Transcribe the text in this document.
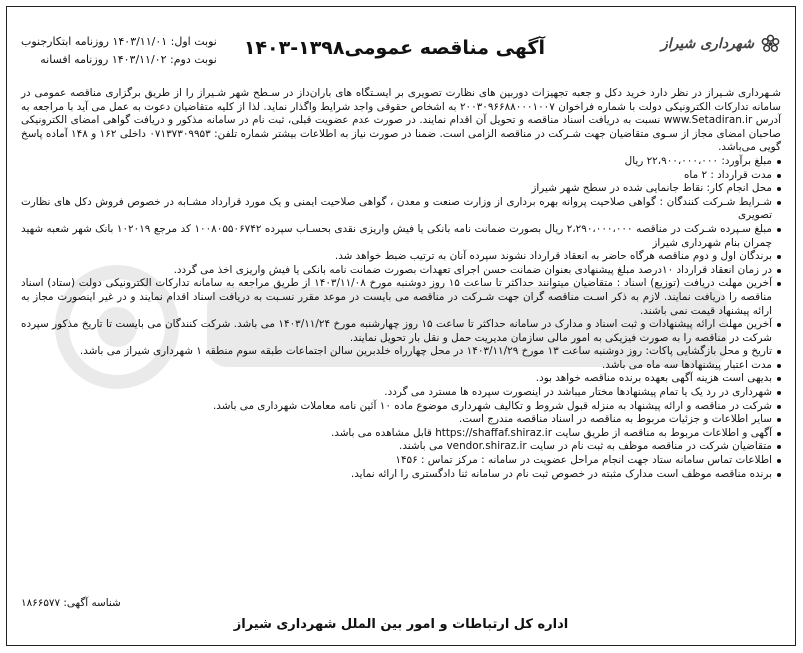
شهرداری شیراز
آگهی مناقصه عمومی۱۳۹۸-۱۴۰۳
نوبت اول: ۱۴۰۳/۱۱/۰۱ روزنامه ابتکارجنوب
نوبت دوم: ۱۴۰۳/۱۱/۰۲ روزنامه افسانه

شـهرداری شـیراز در نظر دارد خرید دکل و جعبه تجهیزات دوربین های نظارت تصویری بر ایسـتگاه های باران‌داز در سـطح شهر شـیراز را از طریق برگزاری مناقصه عمومی در سامانه تدارکات الکترونیکی دولت با شماره فراخوان ۲۰۰۳۰۹۶۶۸۸۰۰۰۱۰۰۷ به اشخاص حقوقی واجد شرایط واگذار نماید. لذا از کلیه متقاضیان دعوت به عمل می آید با مراجعه به آدرس www.Setadiran.ir نسبت به دریافت اسناد مناقصه و تحویل آن اقدام نمایند. در صورت عدم عضویت قبلی، ثبت نام در سامانه مذکور و دریافت گواهی امضای الکترونیکی صاحبان امضای مجاز از سـوی متقاضیان جهت شـرکت در مناقصه الزامی است. ضمنا در صورت نیاز به اطلاعات بیشتر شماره تلفن: ۰۷۱۳۷۳۰۹۹۵۳ داخلی ۱۶۲ و ۱۴۸ آماده پاسخ گویی می‌باشد.

مبلغ برآورد: ۲۲،۹۰۰،۰۰۰،۰۰۰ ریال
مدت قرارداد : ۲ ماه
محل انجام کار: نقاط جانمایی شده در سطح شهر شیراز
شـرایط شـرکت کنندگان : گواهی صلاحیت پروانه بهره برداری از وزارت صنعت و معدن ، گواهی صلاحیت ایمنی و یک مورد قرارداد مشـابه در خصوص فروش دکل های نظارت تصویری
مبلغ سـپرده شـرکت در مناقصه ۲،۲۹۰،۰۰۰،۰۰۰ ریال بصورت ضمانت نامه بانکی یا فیش واریزی نقدی بحسـاب سپرده ۱۰۰۸۰۵۵۰۶۷۴۲ کد مرجع ۱۰۲۰۱۹ بانک شهر شعبه شهید چمران بنام شهرداری شیراز
برندگان اول و دوم مناقصه هرگاه حاضر به انعقاد قرارداد نشوند سپرده آنان به ترتیب ضبط خواهد شد.
در زمان انعقاد قرارداد ۱۰درصد مبلغ پیشنهادی بعنوان ضمانت حسن اجرای تعهدات بصورت ضمانت نامه بانکی یا فیش واریزی اخذ می گردد.
آخرین مهلت دریافت (توزیع) اسناد : متقاضیان میتوانند حداکثر تا ساعت ۱۵ روز دوشنبه مورخ ۱۴۰۳/۱۱/۰۸ از طریق مراجعه به سامانه تدارکات الکترونیکی دولت (ستاد) اسناد مناقصه را دریافت نمایند. لازم به ذکر اسـت مناقصه گران جهت شـرکت در مناقصه می بایست در موعد مقرر نسـبت به دریافت اسناد اقدام نمایند و در غیر اینصورت مجاز به ارائه پیشنهاد قیمت نمی باشند.
آخرین مهلت ارائه پیشنهادات و ثبت اسناد و مدارک در سامانه حداکثر تا ساعت ۱۵ روز چهارشنبه مورخ ۱۴۰۳/۱۱/۲۴ می باشد. شرکت کنندگان می بایست تا تاریخ مذکور سپرده شرکت در مناقصه را به صورت فیزیکی به امور مالی سازمان مدیریت حمل و نقل بار تحویل نمایند.
تاریخ و محل بازگشایی پاکات: روز دوشنبه ساعت ۱۳ مورخ ۱۴۰۳/۱۱/۲۹ در محل چهارراه خلدبرین سالن اجتماعات طبقه سوم منطقه ۱ شهرداری شیراز می باشد.
مدت اعتبار پیشنهادها سه ماه می باشد.
بدیهی است هزینه آگهی بعهده برنده مناقصه خواهد بود.
شهرداری در رد یک یا تمام پیشنهادها مختار میباشد در اینصورت سپرده ها مسترد می گردد.
شرکت در مناقصه و ارائه پیشنهاد به منزله قبول شروط و تکالیف شهرداری موضوع ماده ۱۰ آئین نامه معاملات شهرداری می باشد.
سایر اطلاعات و جزئیات مربوط به مناقصه در اسناد مناقصه مندرج است.
آگهی و اطلاعات مربوط به مناقصه از طریق سایت https://shaffaf.shiraz.ir قابل مشاهده می باشد.
متقاضیان شرکت در مناقصه موظف به ثبت نام در سایت vendor.shiraz.ir می باشند.
اطلاعات تماس سامانه ستاد جهت انجام مراحل عضویت در سامانه : مرکز تماس : ۱۴۵۶
برنده مناقصه موظف است مدارک مثبته در خصوص ثبت نام در سامانه ثنا دادگستری را ارائه نماید.
شناسه آگهی: ۱۸۶۶۵۷۷
اداره کل ارتباطات و امور بین الملل شهرداری شیراز
